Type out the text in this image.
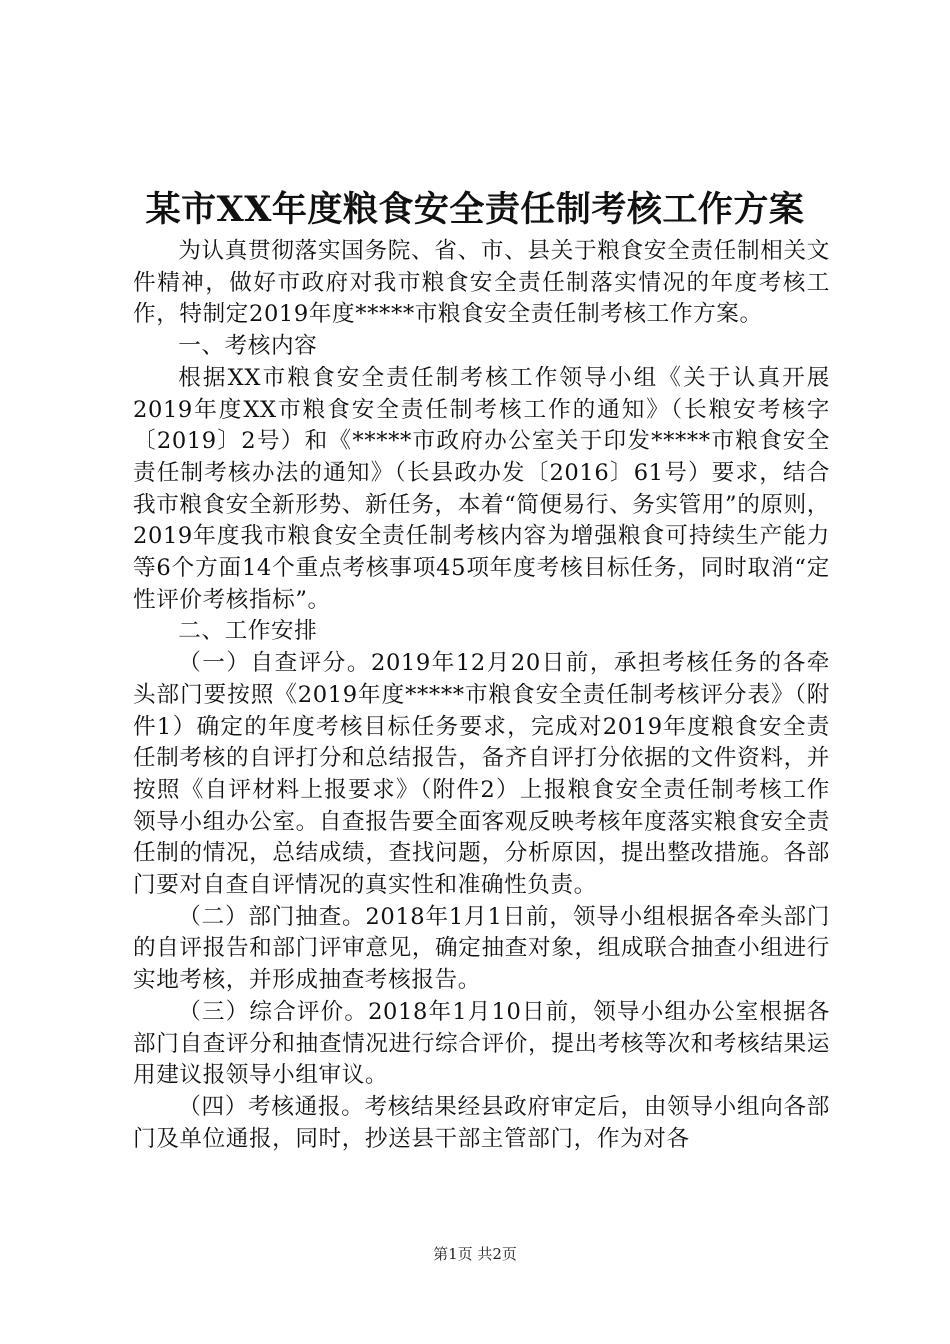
某市XX年度粮食安全责任制考核工作方案

为认真贯彻落实国务院、省、市、县关于粮食安全责任制相关文件精神，做好市政府对我市粮食安全责任制落实情况的年度考核工作，特制定2019年度*****市粮食安全责任制考核工作方案。

一、考核内容

根据XX市粮食安全责任制考核工作领导小组《关于认真开展2019年度XX市粮食安全责任制考核工作的通知》（长粮安考核字〔2019〕2号）和《*****市政府办公室关于印发*****市粮食安全责任制考核办法的通知》（长县政办发〔2016〕61号）要求，结合我市粮食安全新形势、新任务，本着“简便易行、务实管用”的原则，2019年度我市粮食安全责任制考核内容为增强粮食可持续生产能力等6个方面14个重点考核事项45项年度考核目标任务，同时取消“定性评价考核指标”。

二、工作安排

（一）自查评分。2019年12月20日前，承担考核任务的各牵头部门要按照《2019年度*****市粮食安全责任制考核评分表》（附件1）确定的年度考核目标任务要求，完成对2019年度粮食安全责任制考核的自评打分和总结报告，备齐自评打分依据的文件资料，并按照《自评材料上报要求》（附件2）上报粮食安全责任制考核工作领导小组办公室。自查报告要全面客观反映考核年度落实粮食安全责任制的情况，总结成绩，查找问题，分析原因，提出整改措施。各部门要对自查自评情况的真实性和准确性负责。

（二）部门抽查。2018年1月1日前，领导小组根据各牵头部门的自评报告和部门评审意见，确定抽查对象，组成联合抽查小组进行实地考核，并形成抽查考核报告。

（三）综合评价。2018年1月10日前，领导小组办公室根据各部门自查评分和抽查情况进行综合评价，提出考核等次和考核结果运用建议报领导小组审议。

（四）考核通报。考核结果经县政府审定后，由领导小组向各部门及单位通报，同时，抄送县干部主管部门，作为对各

第1页 共2页
